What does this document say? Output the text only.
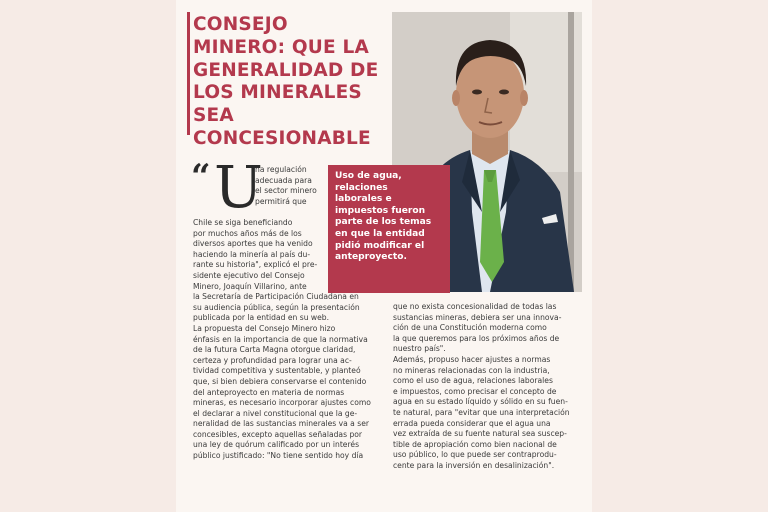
CONSEJO
MINERO: QUE LA
GENERALIDAD DE
LOS MINERALES SEA
CONCESIONABLE
“ U
na regulación
adecuada para
el sector minero
permitirá que
Uso de agua,
relaciones
laborales e
impuestos fueron
parte de los temas
en que la entidad
pidió modificar el
anteproyecto.
Chile se siga beneficiando
por muchos años más de los
diversos aportes que ha venido
haciendo la minería al país du-
rante su historia", explicó el pre-
sidente ejecutivo del Consejo
Minero, Joaquín Villarino, ante
la Secretaría de Participación Ciudadana en
su audiencia pública, según la presentación
publicada por la entidad en su web.
La propuesta del Consejo Minero hizo
énfasis en la importancia de que la normativa
de la futura Carta Magna otorgue claridad,
certeza y profundidad para lograr una ac-
tividad competitiva y sustentable, y planteó
que, si bien debiera conservarse el contenido
del anteproyecto en materia de normas
mineras, es necesario incorporar ajustes como
el declarar a nivel constitucional que la ge-
neralidad de las sustancias minerales va a ser
concesibles, excepto aquellas señaladas por
una ley de quórum calificado por un interés
público justificado: "No tiene sentido hoy día
que no exista concesionalidad de todas las
sustancias mineras, debiera ser una innova-
ción de una Constitución moderna como
la que queremos para los próximos años de
nuestro país".
Además, propuso hacer ajustes a normas
no mineras relacionadas con la industria,
como el uso de agua, relaciones laborales
e impuestos, como precisar el concepto de
agua en su estado líquido y sólido en su fuen-
te natural, para "evitar que una interpretación
errada pueda considerar que el agua una
vez extraída de su fuente natural sea suscep-
tible de apropiación como bien nacional de
uso público, lo que puede ser contraprodu-
cente para la inversión en desalinización".
